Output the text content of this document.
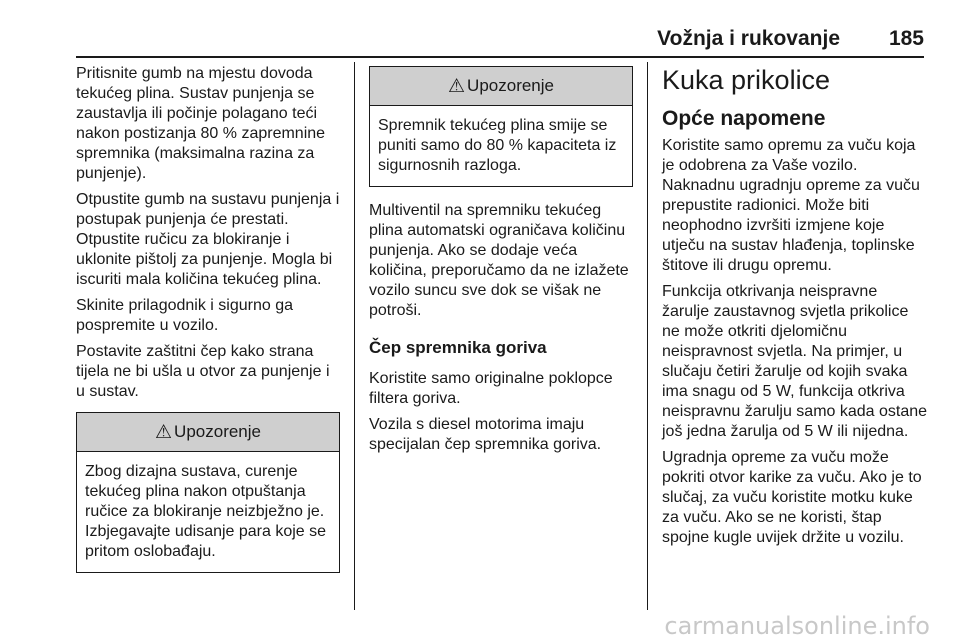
Vožnja i rukovanje 185

Pritisnite gumb na mjestu dovoda tekućeg plina. Sustav punjenja se zaustavlja ili počinje polagano teći nakon postizanja 80 % zapremnine spremnika (maksimalna razina za punjenje).

Otpustite gumb na sustavu punjenja i postupak punjenja će prestati.

Otpustite ručicu za blokiranje i uklonite pištolj za punjenje. Mogla bi iscuriti mala količina tekućeg plina.

Skinite prilagodnik i sigurno ga pospremite u vozilo.

Postavite zaštitni čep kako strana tijela ne bi ušla u otvor za punjenje i u sustav.

⚠ Upozorenje
Zbog dizajna sustava, curenje tekućeg plina nakon otpuštanja ručice za blokiranje neizbježno je. Izbjegavajte udisanje para koje se pritom oslobađaju.
⚠ Upozorenje
Spremnik tekućeg plina smije se puniti samo do 80 % kapaciteta iz sigurnosnih razloga.

Multiventil na spremniku tekućeg plina automatski ograničava količinu punjenja. Ako se dodaje veća količina, preporučamo da ne izlažete vozilo suncu sve dok se višak ne potroši.

Čep spremnika goriva

Koristite samo originalne poklopce filtera goriva.

Vozila s diesel motorima imaju specijalan čep spremnika goriva.

Kuka prikolice
Opće napomene

Koristite samo opremu za vuču koja je odobrena za Vaše vozilo.

Naknadnu ugradnju opreme za vuču prepustite radionici. Može biti neophodno izvršiti izmjene koje utječu na sustav hlađenja, toplinske štitove ili drugu opremu.

Funkcija otkrivanja neispravne žarulje zaustavnog svjetla prikolice ne može otkriti djelomičnu neispravnost svjetla. Na primjer, u slučaju četiri žarulje od kojih svaka ima snagu od 5 W, funkcija otkriva neispravnu žarulju samo kada ostane još jedna žarulja od 5 W ili nijedna.

Ugradnja opreme za vuču može pokriti otvor karike za vuču. Ako je to slučaj, za vuču koristite motku kuke za vuču. Ako se ne koristi, štap spojne kugle uvijek držite u vozilu.

carmanualsonline.info
